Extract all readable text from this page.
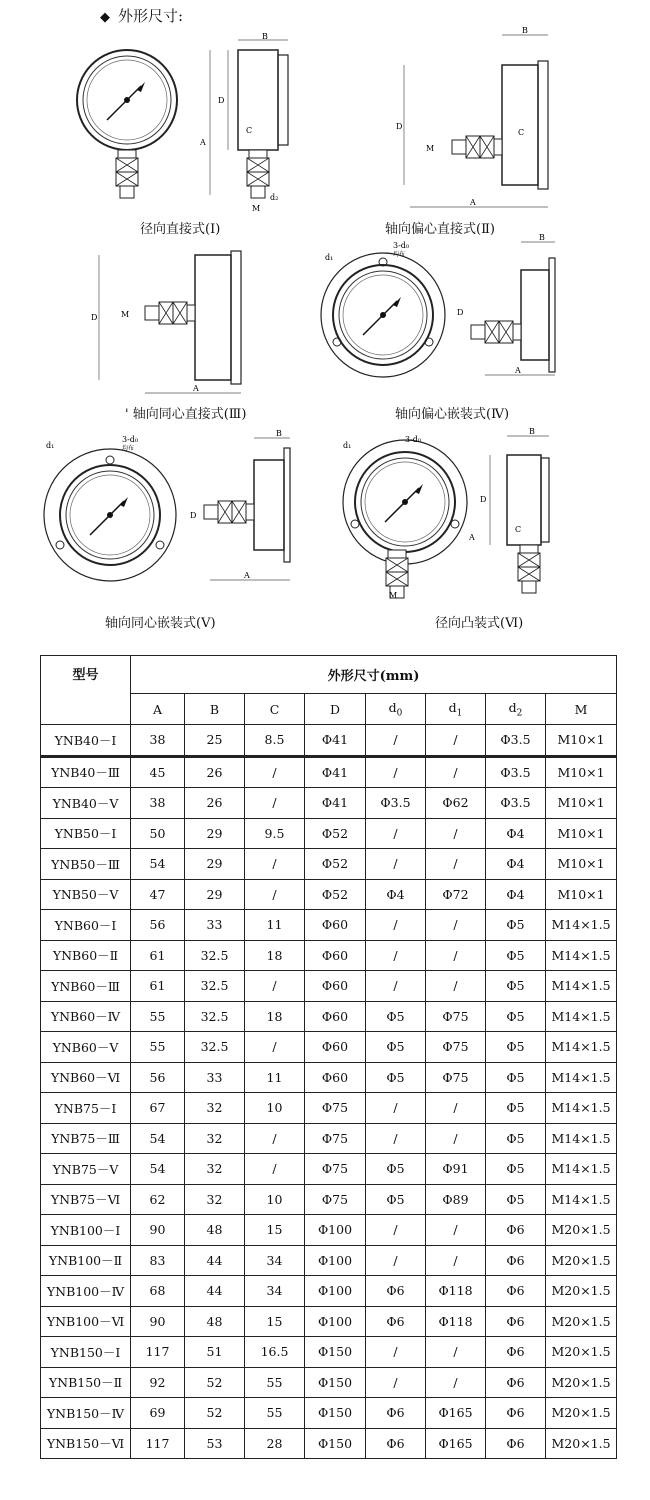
◆ 外形尺寸:
B
D
A
C
d₂
M
径向直接式(Ⅰ)
B
D
A
C
M
轴向偏心直接式(Ⅱ)
D
A
M
' 轴向同心直接式(Ⅲ)
d₁
3-d₀
均布
B
D
A
轴向偏心嵌装式(Ⅳ)
d₁
3-d₀
均布
B
D
A
轴向同心嵌装式(Ⅴ)
d₁
3-d₀
B
D
A
C
M
径向凸装式(Ⅵ)
型号	外形尺寸(mm)							
	A	B	C	D	$d_0$	$d_1$	$d_2$	M
YNB40－Ⅰ	38	25	8.5	Φ41	/	/	Φ3.5	M10×1
YNB40－Ⅲ	45	26	/	Φ41	/	/	Φ3.5	M10×1
YNB40－Ⅴ	38	26	/	Φ41	Φ3.5	Φ62	Φ3.5	M10×1
YNB50－Ⅰ	50	29	9.5	Φ52	/	/	Φ4	M10×1
YNB50－Ⅲ	54	29	/	Φ52	/	/	Φ4	M10×1
YNB50－Ⅴ	47	29	/	Φ52	Φ4	Φ72	Φ4	M10×1
YNB60－Ⅰ	56	33	11	Φ60	/	/	Φ5	M14×1.5
YNB60－Ⅱ	61	32.5	18	Φ60	/	/	Φ5	M14×1.5
YNB60－Ⅲ	61	32.5	/	Φ60	/	/	Φ5	M14×1.5
YNB60－Ⅳ	55	32.5	18	Φ60	Φ5	Φ75	Φ5	M14×1.5
YNB60－Ⅴ	55	32.5	/	Φ60	Φ5	Φ75	Φ5	M14×1.5
YNB60－Ⅵ	56	33	11	Φ60	Φ5	Φ75	Φ5	M14×1.5
YNB75－Ⅰ	67	32	10	Φ75	/	/	Φ5	M14×1.5
YNB75－Ⅲ	54	32	/	Φ75	/	/	Φ5	M14×1.5
YNB75－Ⅴ	54	32	/	Φ75	Φ5	Φ91	Φ5	M14×1.5
YNB75－Ⅵ	62	32	10	Φ75	Φ5	Φ89	Φ5	M14×1.5
YNB100－Ⅰ	90	48	15	Φ100	/	/	Φ6	M20×1.5
YNB100－Ⅱ	83	44	34	Φ100	/	/	Φ6	M20×1.5
YNB100－Ⅳ	68	44	34	Φ100	Φ6	Φ118	Φ6	M20×1.5
YNB100－Ⅵ	90	48	15	Φ100	Φ6	Φ118	Φ6	M20×1.5
YNB150－Ⅰ	117	51	16.5	Φ150	/	/	Φ6	M20×1.5
YNB150－Ⅱ	92	52	55	Φ150	/	/	Φ6	M20×1.5
YNB150－Ⅳ	69	52	55	Φ150	Φ6	Φ165	Φ6	M20×1.5
YNB150－Ⅵ	117	53	28	Φ150	Φ6	Φ165	Φ6	M20×1.5
